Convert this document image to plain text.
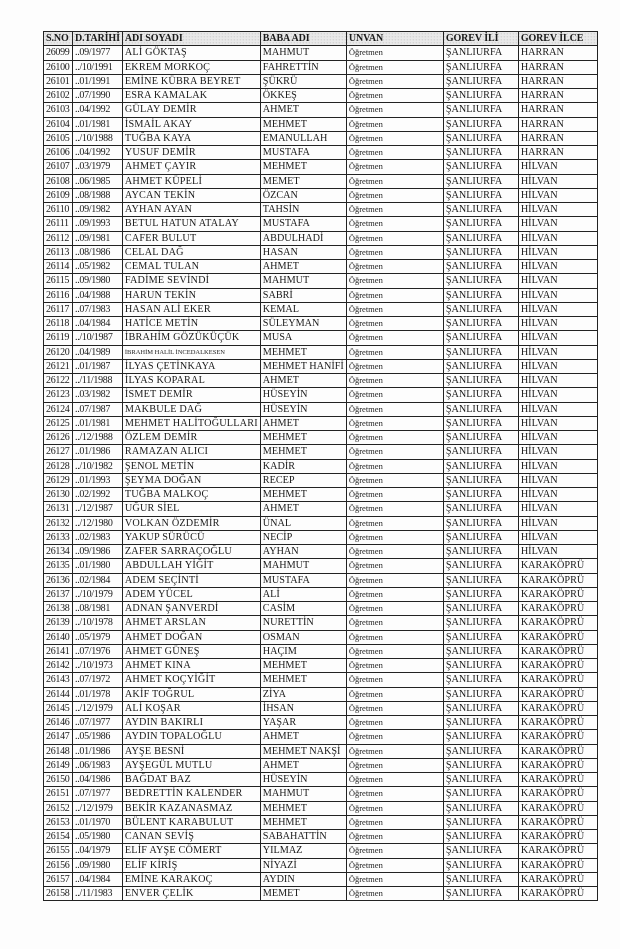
S.NO	D.TARİHİ	ADI SOYADI	BABA ADI	UNVAN	GOREV İLİ	GOREV İLCE
26099	..09/1977	ALİ GÖKTAŞ	MAHMUT	Öğretmen	ŞANLIURFA	HARRAN
26100	../10/1991	EKREM MORKOÇ	FAHRETTİN	Öğretmen	ŞANLIURFA	HARRAN
26101	..01/1991	EMİNE KÜBRA BEYRET	ŞÜKRÜ	Öğretmen	ŞANLIURFA	HARRAN
26102	..07/1990	ESRA KAMALAK	ÖKKEŞ	Öğretmen	ŞANLIURFA	HARRAN
26103	..04/1992	GÜLAY DEMİR	AHMET	Öğretmen	ŞANLIURFA	HARRAN
26104	..01/1981	İSMAİL AKAY	MEHMET	Öğretmen	ŞANLIURFA	HARRAN
26105	../10/1988	TUĞBA KAYA	EMANULLAH	Öğretmen	ŞANLIURFA	HARRAN
26106	..04/1992	YUSUF DEMİR	MUSTAFA	Öğretmen	ŞANLIURFA	HARRAN
26107	..03/1979	AHMET ÇAYIR	MEHMET	Öğretmen	ŞANLIURFA	HİLVAN
26108	..06/1985	AHMET KÜPELİ	MEMET	Öğretmen	ŞANLIURFA	HİLVAN
26109	..08/1988	AYCAN TEKİN	ÖZCAN	Öğretmen	ŞANLIURFA	HİLVAN
26110	..09/1982	AYHAN AYAN	TAHSİN	Öğretmen	ŞANLIURFA	HİLVAN
26111	..09/1993	BETUL HATUN ATALAY	MUSTAFA	Öğretmen	ŞANLIURFA	HİLVAN
26112	..09/1981	CAFER BULUT	ABDULHADİ	Öğretmen	ŞANLIURFA	HİLVAN
26113	..08/1986	CELAL DAĞ	HASAN	Öğretmen	ŞANLIURFA	HİLVAN
26114	..05/1982	CEMAL TULAN	AHMET	Öğretmen	ŞANLIURFA	HİLVAN
26115	..09/1980	FADİME SEVİNDİ	MAHMUT	Öğretmen	ŞANLIURFA	HİLVAN
26116	..04/1988	HARUN TEKİN	SABRİ	Öğretmen	ŞANLIURFA	HİLVAN
26117	..07/1983	HASAN ALİ EKER	KEMAL	Öğretmen	ŞANLIURFA	HİLVAN
26118	..04/1984	HATİCE METİN	SÜLEYMAN	Öğretmen	ŞANLIURFA	HİLVAN
26119	../10/1987	İBRAHİM GÖZÜKÜÇÜK	MUSA	Öğretmen	ŞANLIURFA	HİLVAN
26120	..04/1989	İBRAHİM HALİL İNCEDALKESEN	MEHMET	Öğretmen	ŞANLIURFA	HİLVAN
26121	..01/1987	İLYAS ÇETİNKAYA	MEHMET HANİFİ	Öğretmen	ŞANLIURFA	HİLVAN
26122	../11/1988	İLYAS KOPARAL	AHMET	Öğretmen	ŞANLIURFA	HİLVAN
26123	..03/1982	İSMET DEMİR	HÜSEYİN	Öğretmen	ŞANLIURFA	HİLVAN
26124	..07/1987	MAKBULE DAĞ	HÜSEYİN	Öğretmen	ŞANLIURFA	HİLVAN
26125	..01/1981	MEHMET HALİTOĞULLARI	AHMET	Öğretmen	ŞANLIURFA	HİLVAN
26126	../12/1988	ÖZLEM DEMİR	MEHMET	Öğretmen	ŞANLIURFA	HİLVAN
26127	..01/1986	RAMAZAN ALICI	MEHMET	Öğretmen	ŞANLIURFA	HİLVAN
26128	../10/1982	ŞENOL METİN	KADİR	Öğretmen	ŞANLIURFA	HİLVAN
26129	..01/1993	ŞEYMA DOĞAN	RECEP	Öğretmen	ŞANLIURFA	HİLVAN
26130	..02/1992	TUĞBA MALKOÇ	MEHMET	Öğretmen	ŞANLIURFA	HİLVAN
26131	../12/1987	UĞUR SİEL	AHMET	Öğretmen	ŞANLIURFA	HİLVAN
26132	../12/1980	VOLKAN ÖZDEMİR	ÜNAL	Öğretmen	ŞANLIURFA	HİLVAN
26133	..02/1983	YAKUP SÜRÜCÜ	NECİP	Öğretmen	ŞANLIURFA	HİLVAN
26134	..09/1986	ZAFER SARRAÇOĞLU	AYHAN	Öğretmen	ŞANLIURFA	HİLVAN
26135	..01/1980	ABDULLAH YİĞİT	MAHMUT	Öğretmen	ŞANLIURFA	KARAKÖPRÜ
26136	..02/1984	ADEM SEÇİNTİ	MUSTAFA	Öğretmen	ŞANLIURFA	KARAKÖPRÜ
26137	../10/1979	ADEM YÜCEL	ALİ	Öğretmen	ŞANLIURFA	KARAKÖPRÜ
26138	..08/1981	ADNAN ŞANVERDİ	CASİM	Öğretmen	ŞANLIURFA	KARAKÖPRÜ
26139	../10/1978	AHMET ARSLAN	NURETTİN	Öğretmen	ŞANLIURFA	KARAKÖPRÜ
26140	..05/1979	AHMET DOĞAN	OSMAN	Öğretmen	ŞANLIURFA	KARAKÖPRÜ
26141	..07/1976	AHMET GÜNEŞ	HAÇIM	Öğretmen	ŞANLIURFA	KARAKÖPRÜ
26142	../10/1973	AHMET KINA	MEHMET	Öğretmen	ŞANLIURFA	KARAKÖPRÜ
26143	..07/1972	AHMET KOÇYİĞİT	MEHMET	Öğretmen	ŞANLIURFA	KARAKÖPRÜ
26144	..01/1978	AKİF TOĞRUL	ZİYA	Öğretmen	ŞANLIURFA	KARAKÖPRÜ
26145	../12/1979	ALİ KOŞAR	İHSAN	Öğretmen	ŞANLIURFA	KARAKÖPRÜ
26146	..07/1977	AYDIN BAKIRLI	YAŞAR	Öğretmen	ŞANLIURFA	KARAKÖPRÜ
26147	..05/1986	AYDIN TOPALOĞLU	AHMET	Öğretmen	ŞANLIURFA	KARAKÖPRÜ
26148	..01/1986	AYŞE BESNİ	MEHMET NAKŞİ	Öğretmen	ŞANLIURFA	KARAKÖPRÜ
26149	..06/1983	AYŞEGÜL MUTLU	AHMET	Öğretmen	ŞANLIURFA	KARAKÖPRÜ
26150	..04/1986	BAĞDAT BAZ	HÜSEYİN	Öğretmen	ŞANLIURFA	KARAKÖPRÜ
26151	..07/1977	BEDRETTİN KALENDER	MAHMUT	Öğretmen	ŞANLIURFA	KARAKÖPRÜ
26152	../12/1979	BEKİR KAZANASMAZ	MEHMET	Öğretmen	ŞANLIURFA	KARAKÖPRÜ
26153	..01/1970	BÜLENT KARABULUT	MEHMET	Öğretmen	ŞANLIURFA	KARAKÖPRÜ
26154	..05/1980	CANAN SEVİŞ	SABAHATTİN	Öğretmen	ŞANLIURFA	KARAKÖPRÜ
26155	..04/1979	ELİF AYŞE CÖMERT	YILMAZ	Öğretmen	ŞANLIURFA	KARAKÖPRÜ
26156	..09/1980	ELİF KİRİŞ	NİYAZİ	Öğretmen	ŞANLIURFA	KARAKÖPRÜ
26157	..04/1984	EMİNE KARAKOÇ	AYDIN	Öğretmen	ŞANLIURFA	KARAKÖPRÜ
26158	../11/1983	ENVER ÇELİK	MEMET	Öğretmen	ŞANLIURFA	KARAKÖPRÜ
